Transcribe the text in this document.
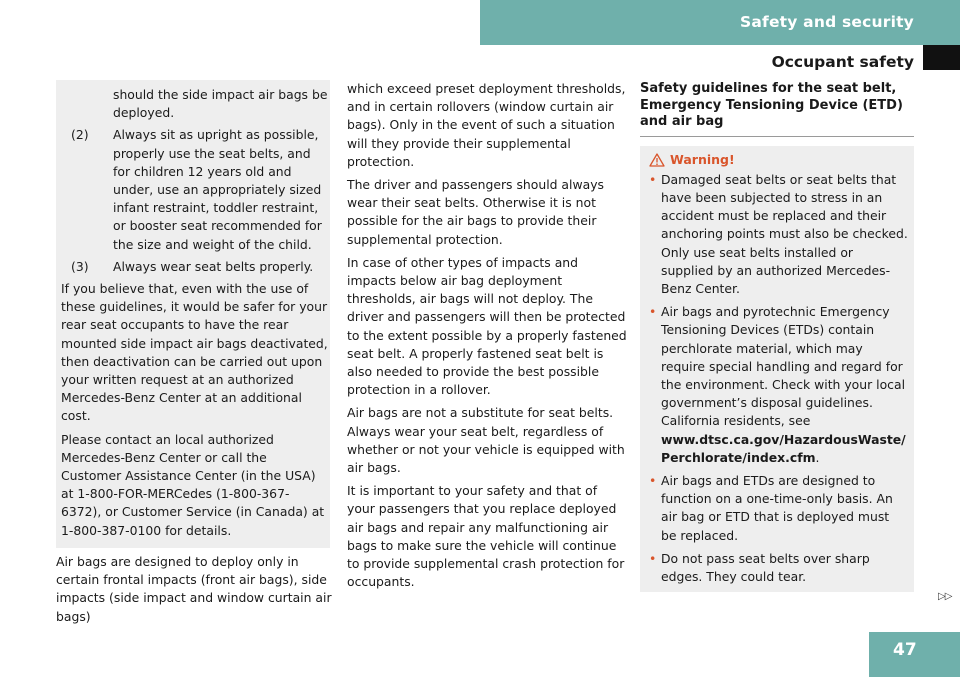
Safety and security
Occupant safety
should the side impact air bags be deployed.
(2)	Always sit as upright as possible, properly use the seat belts, and for children 12 years old and under, use an appropriately sized infant restraint, toddler restraint, or booster seat recommended for the size and weight of the child.
(3)	Always wear seat belts properly.

If you believe that, even with the use of these guidelines, it would be safer for your rear seat occupants to have the rear mounted side impact air bags deactivated, then deactivation can be carried out upon your written request at an authorized Mercedes-Benz Center at an additional cost.

Please contact an local authorized Mercedes-Benz Center or call the Customer Assistance Center (in the USA) at 1-800-FOR-MERCedes (1-800-367-6372), or Customer Service (in Canada) at 1-800-387-0100 for details.

Air bags are designed to deploy only in certain frontal impacts (front air bags), side impacts (side impact and window curtain air bags)

which exceed preset deployment thresholds, and in certain rollovers (window curtain air bags). Only in the event of such a situation will they provide their supplemental protection.

The driver and passengers should always wear their seat belts. Otherwise it is not possible for the air bags to provide their supplemental protection.

In case of other types of impacts and impacts below air bag deployment thresholds, air bags will not deploy. The driver and passengers will then be protected to the extent possible by a properly fastened seat belt. A properly fastened seat belt is also needed to provide the best possible protection in a rollover.

Air bags are not a substitute for seat belts. Always wear your seat belt, regardless of whether or not your vehicle is equipped with air bags.

It is important to your safety and that of your passengers that you replace deployed air bags and repair any malfunctioning air bags to make sure the vehicle will continue to provide supplemental crash protection for occupants.

Safety guidelines for the seat belt, Emergency Tensioning Device (ETD) and air bag
Warning!
• Damaged seat belts or seat belts that have been subjected to stress in an accident must be replaced and their anchoring points must also be checked. Only use seat belts installed or supplied by an authorized Mercedes-Benz Center.
• Air bags and pyrotechnic Emergency Tensioning Devices (ETDs) contain perchlorate material, which may require special handling and regard for the environment. Check with your local government’s disposal guidelines. California residents, see
www.dtsc.ca.gov/HazardousWaste/ Perchlorate/index.cfm.
• Air bags and ETDs are designed to function on a one-time-only basis. An air bag or ETD that is deployed must be replaced.
• Do not pass seat belts over sharp edges. They could tear.
▷▷
47
